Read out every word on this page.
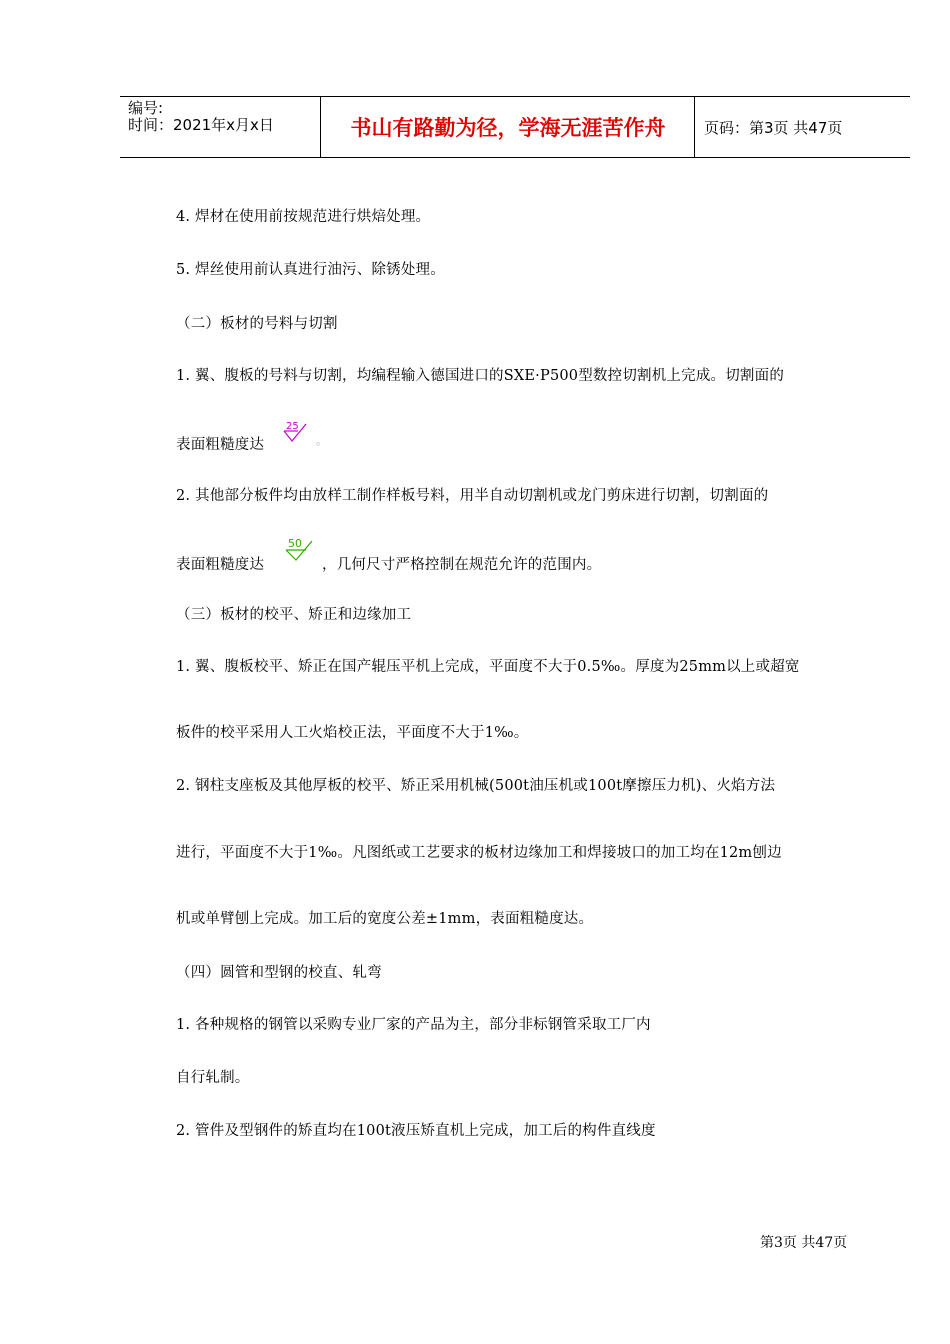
编号:
时间：2021年x月x日	书山有路勤为径，学海无涯苦作舟	页码：第3页 共47页
4. 焊材在使用前按规范进行烘焙处理。
5. 焊丝使用前认真进行油污、除锈处理。
（二）板材的号料与切割
1. 翼、腹板的号料与切割，均编程输入德国进口的SXE·P500型数控切割机上完成。切割面的
表面粗糙度达
25
。
2. 其他部分板件均由放样工制作样板号料，用半自动切割机或龙门剪床进行切割，切割面的
表面粗糙度达
50
，几何尺寸严格控制在规范允许的范围内。
（三）板材的校平、矫正和边缘加工
1. 翼、腹板校平、矫正在国产辊压平机上完成，平面度不大于0.5‰。厚度为25mm以上或超宽
板件的校平采用人工火焰校正法，平面度不大于1‰。
2. 钢柱支座板及其他厚板的校平、矫正采用机械(500t油压机或100t摩擦压力机)、火焰方法
进行，平面度不大于1‰。凡图纸或工艺要求的板材边缘加工和焊接坡口的加工均在12m刨边
机或单臂刨上完成。加工后的宽度公差±1mm，表面粗糙度达。
（四）圆管和型钢的校直、轧弯
1. 各种规格的钢管以采购专业厂家的产品为主，部分非标钢管采取工厂内
自行轧制。
2. 管件及型钢件的矫直均在100t液压矫直机上完成，加工后的构件直线度
第3页 共47页
